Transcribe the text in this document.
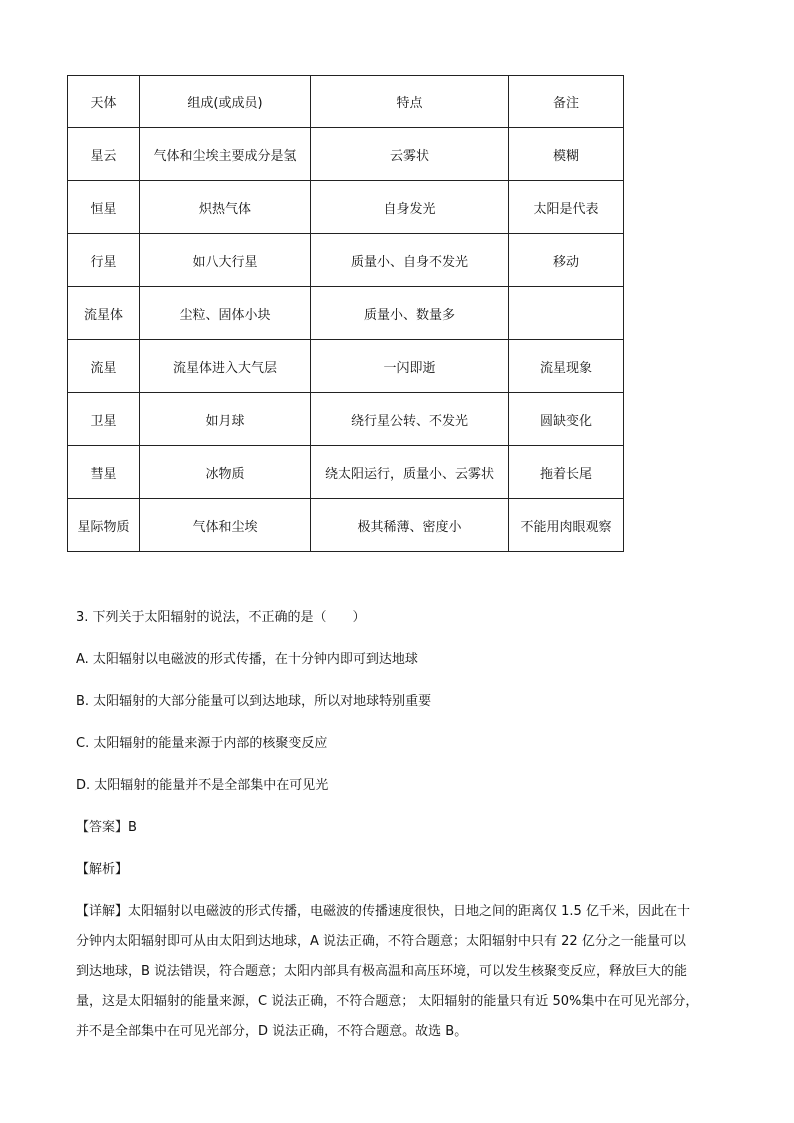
天体	组成(或成员)	特点	备注
星云	气体和尘埃主要成分是氢	云雾状	模糊
恒星	炽热气体	自身发光	太阳是代表
行星	如八大行星	质量小、自身不发光	移动
流星体	尘粒、固体小块	质量小、数量多	
流星	流星体进入大气层	一闪即逝	流星现象
卫星	如月球	绕行星公转、不发光	圆缺变化
彗星	冰物质	绕太阳运行，质量小、云雾状	拖着长尾
星际物质	气体和尘埃	极其稀薄、密度小	不能用肉眼观察
3. 下列关于太阳辐射的说法，不正确的是（　　）
A. 太阳辐射以电磁波的形式传播，在十分钟内即可到达地球
B. 太阳辐射的大部分能量可以到达地球，所以对地球特别重要
C. 太阳辐射的能量来源于内部的核聚变反应
D. 太阳辐射的能量并不是全部集中在可见光
【答案】B
【解析】
【详解】太阳辐射以电磁波的形式传播，电磁波的传播速度很快，日地之间的距离仅 1.5 亿千米，因此在十
分钟内太阳辐射即可从由太阳到达地球，A 说法正确，不符合题意；太阳辐射中只有 22 亿分之一能量可以
到达地球，B 说法错误，符合题意；太阳内部具有极高温和高压环境，可以发生核聚变反应，释放巨大的能
量，这是太阳辐射的能量来源，C 说法正确，不符合题意； 太阳辐射的能量只有近 50%集中在可见光部分，
并不是全部集中在可见光部分，D 说法正确，不符合题意。故选 B。
